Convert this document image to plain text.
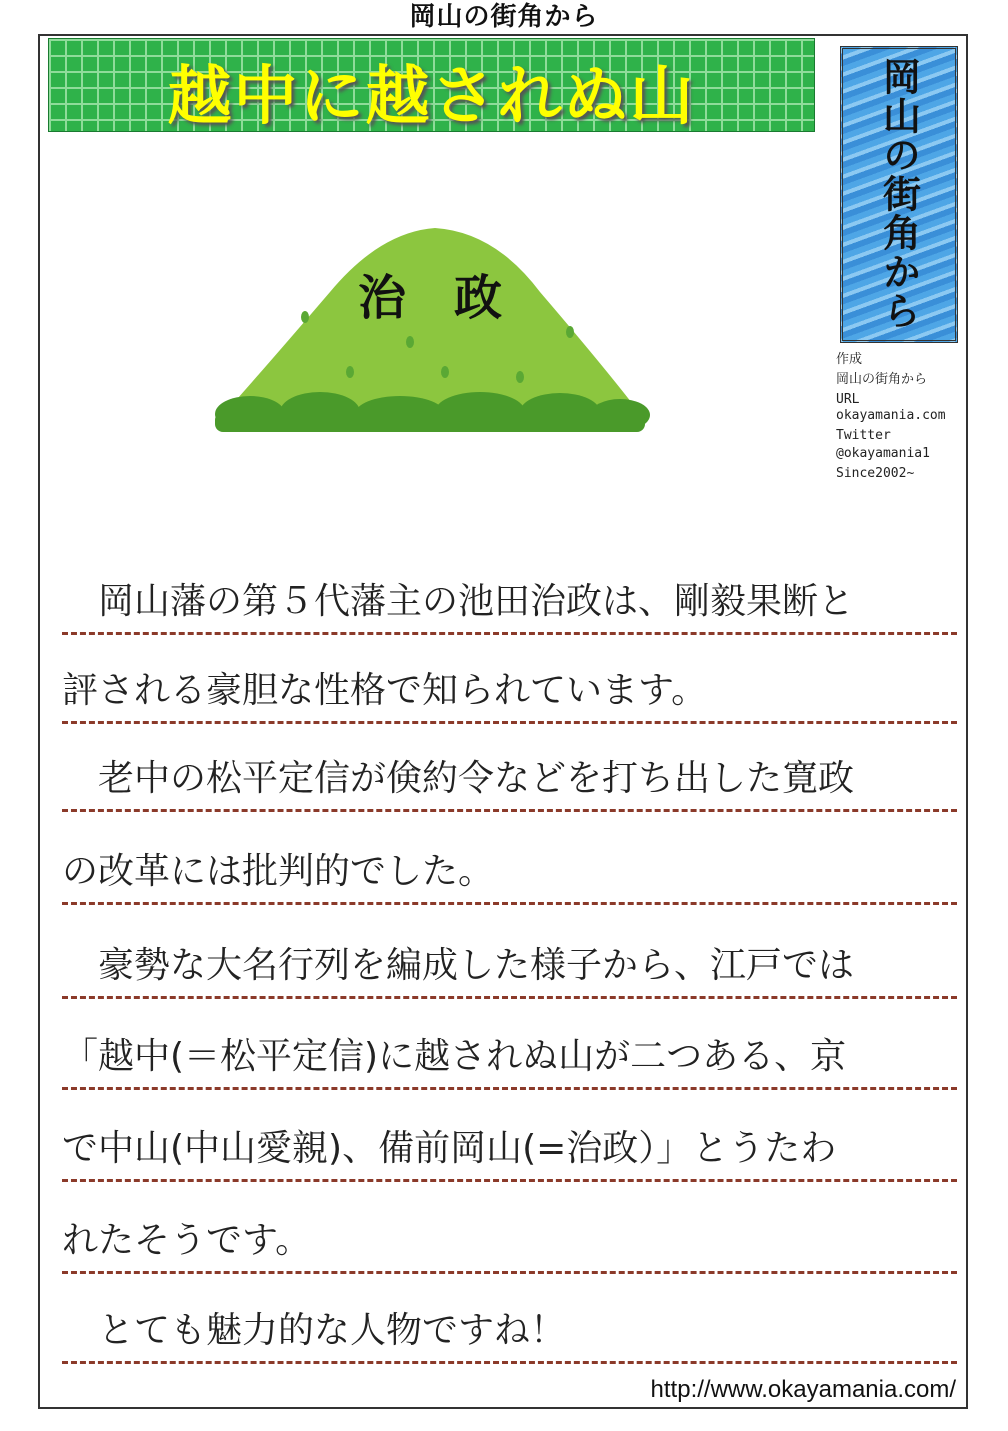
岡山の街角から
越中に越されぬ山	岡山の街角から
作成
岡山の街角から
URL
okayamania.com
Twitter
@okayamania1
Since2002~
治　政
　岡山藩の第５代藩主の池田治政は、剛毅果断と
評される豪胆な性格で知られています。
　老中の松平定信が倹約令などを打ち出した寛政
の改革には批判的でした。
　豪勢な大名行列を編成した様子から、江戸では
「越中(＝松平定信)に越されぬ山が二つある、京
で中山(中山愛親)、備前岡山(=治政）」とうたわ
れたそうです。
　とても魅力的な人物ですね！
http://www.okayamania.com/
